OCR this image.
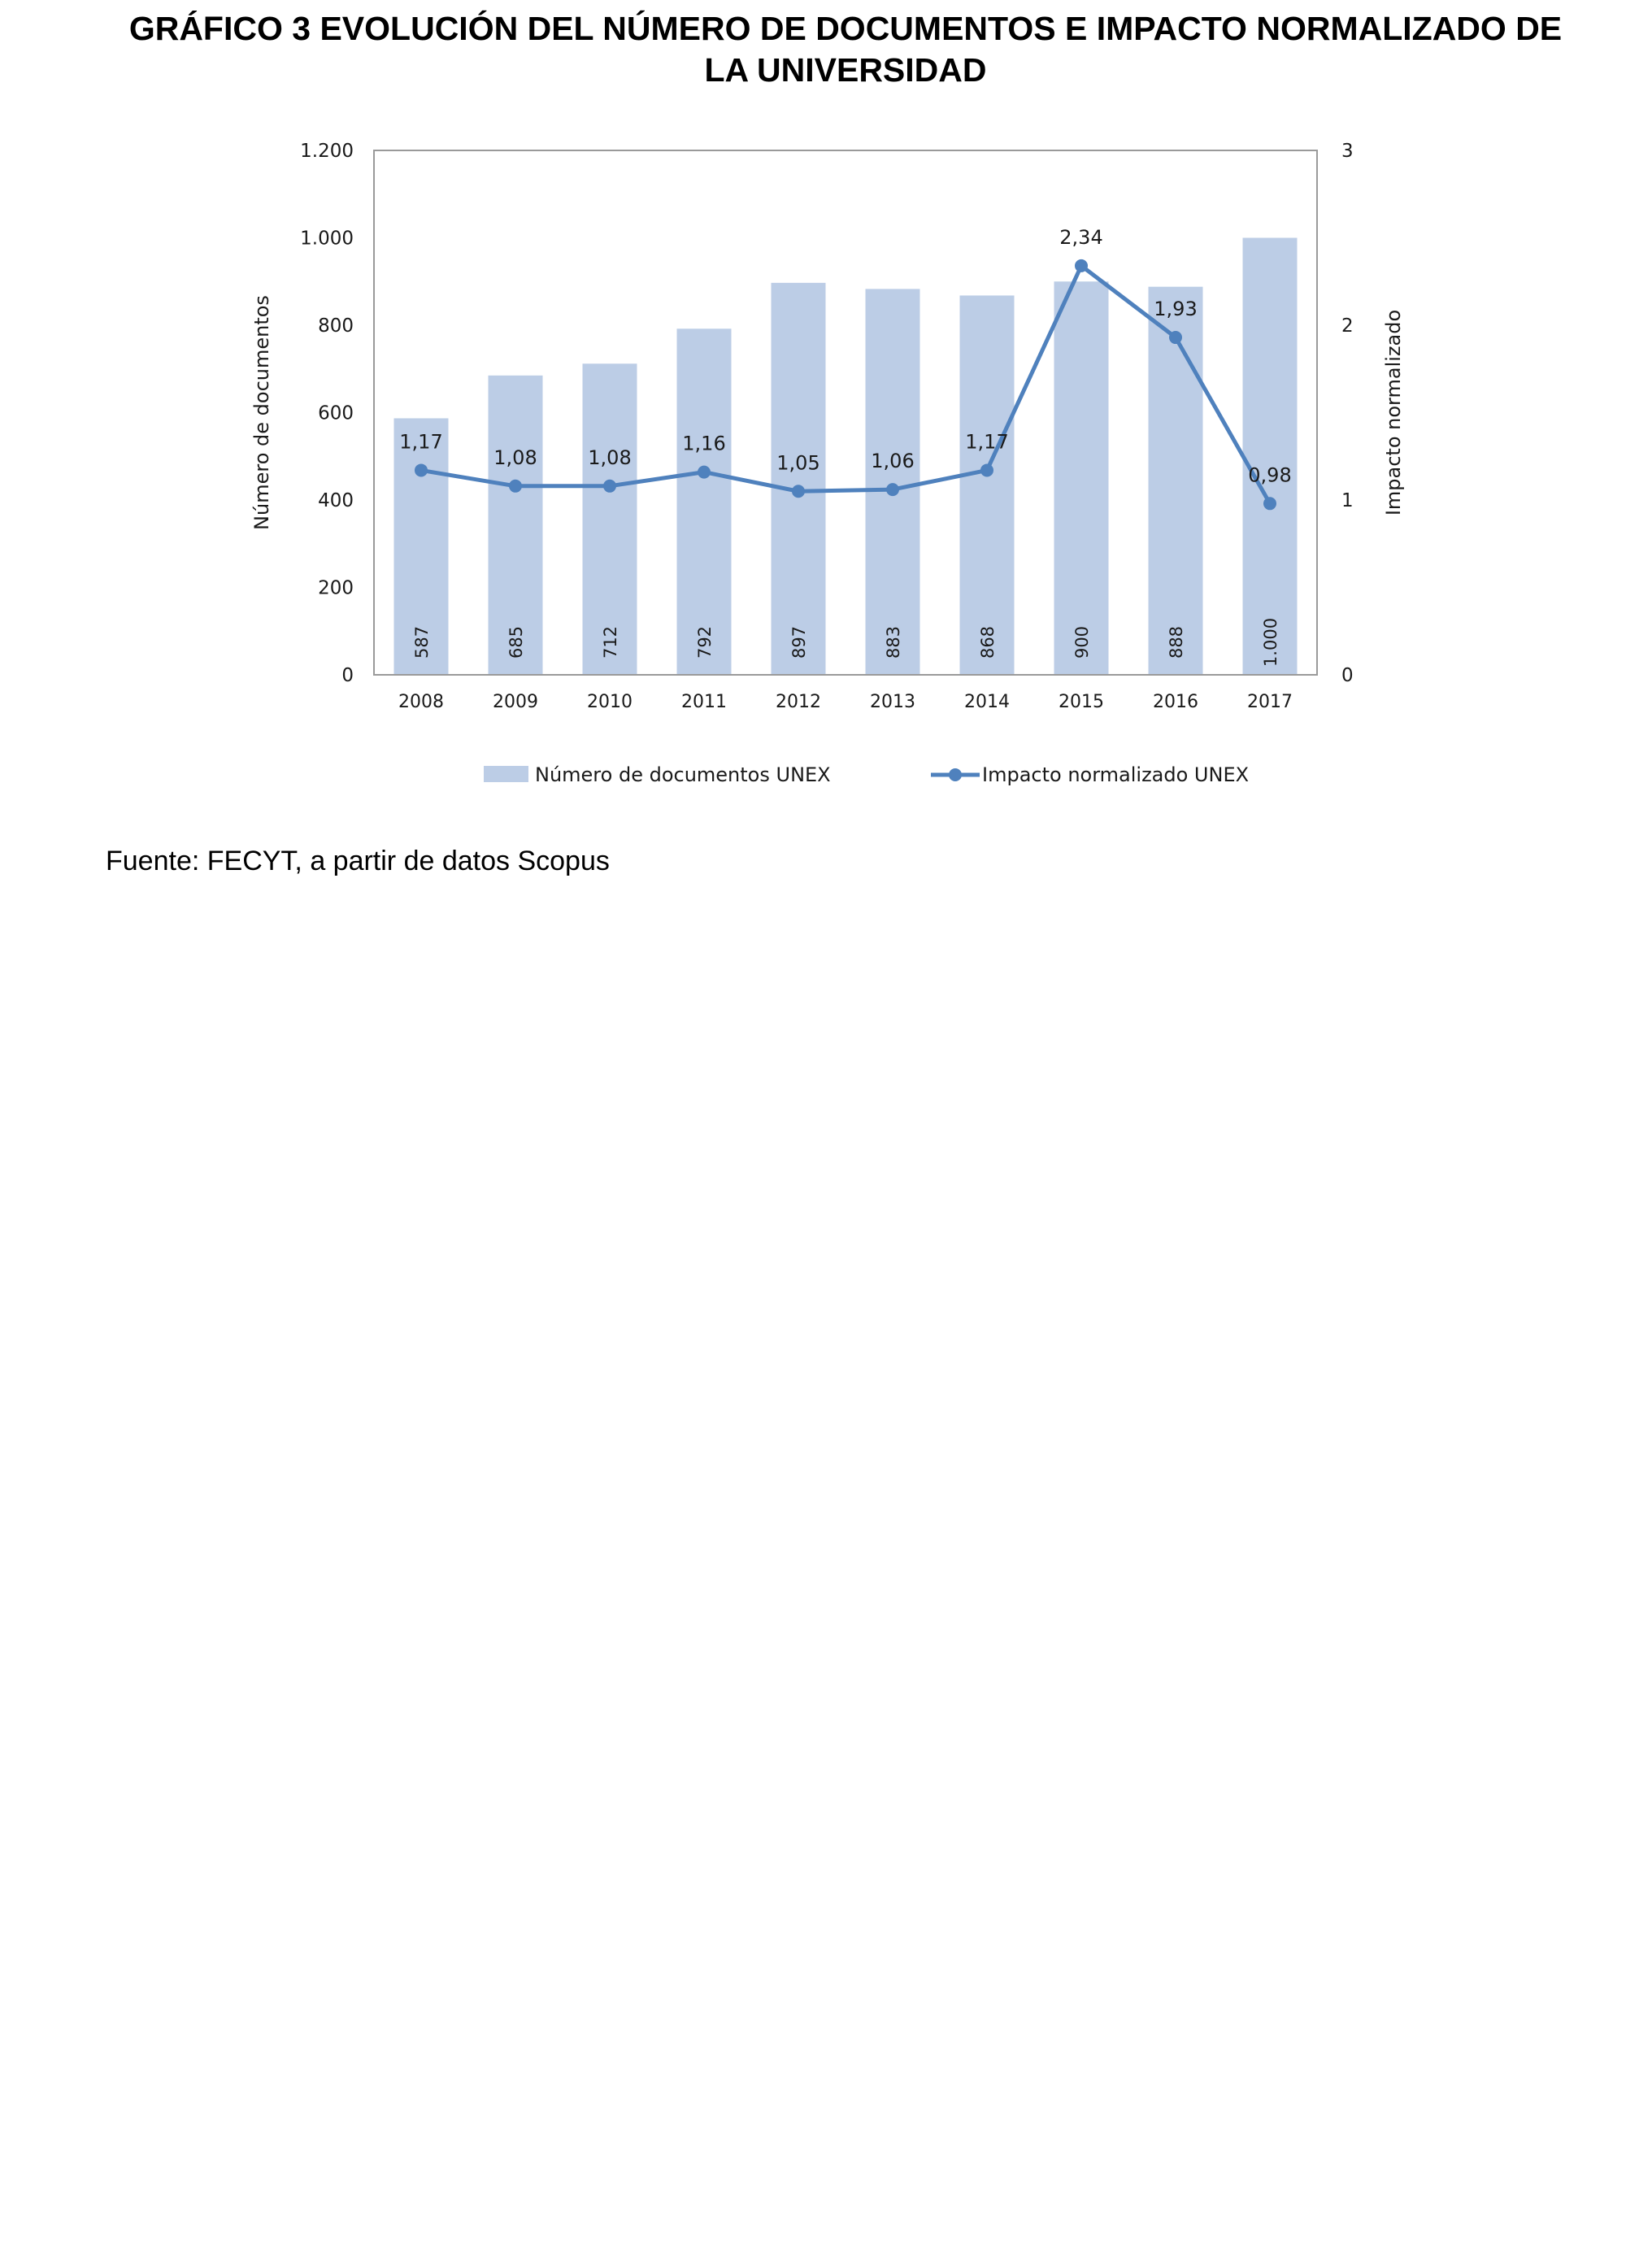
GRÁFICO 3 EVOLUCIÓN DEL NÚMERO DE DOCUMENTOS E IMPACTO NORMALIZADO DE
LA UNIVERSIDAD
0
200
400
600
800
1.000
1.200
0
1
2
3
2008	2009	2010	2011	2012	2013	2014	2015	2016	2017
Número de documentos	Impacto normalizado
587	685	712	792	897	883	868	900	888	1.000
1,17
1,08	1,08
1,16
1,05	1,06
1,17
2,34
1,93
0,98
Número de documentos UNEX	Impacto normalizado UNEX
Fuente: FECYT, a partir de datos Scopus
